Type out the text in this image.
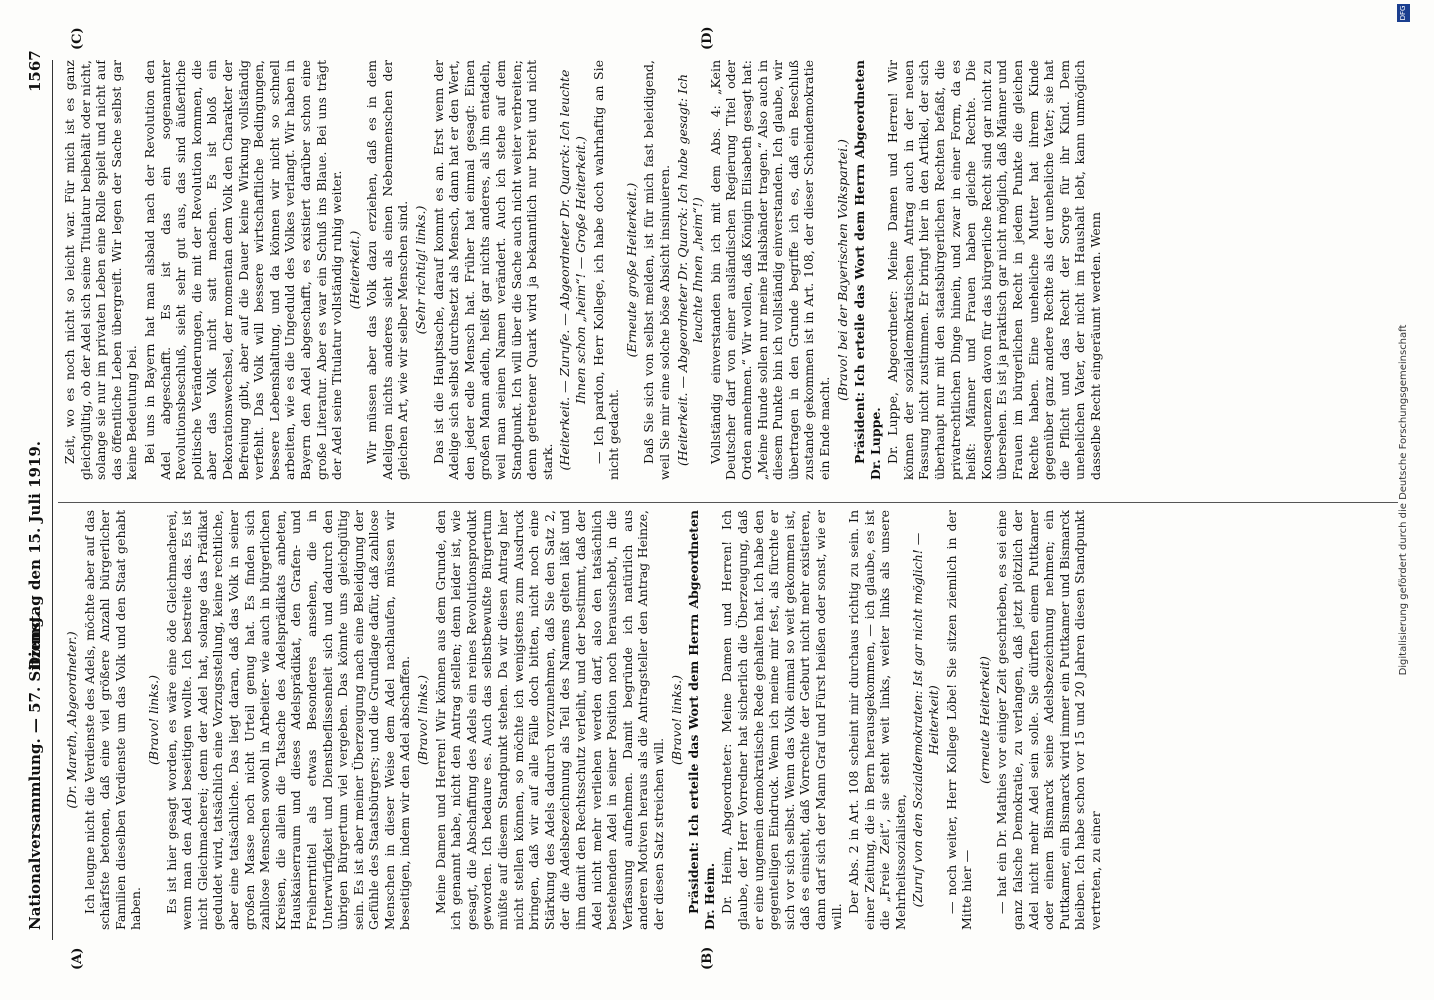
Nationalversammlung. — 57. Sitzung.
Dienstag den 15. Juli 1919.
1567
(A)	(B)
(C)	(D)

(Dr. Mareth, Abgeordneter.) Ich leugne nicht die Verdienste des Adels, möchte aber auf das schärfste betonen, daß eine viel größere Anzahl bürgerlicher Familien dieselben Verdienste um das Volk und den Staat gehabt haben.

(Bravo! links.) Es ist hier gesagt worden, es wäre eine öde Gleichmacherei, wenn man den Adel beseitigen wollte. Ich bestreite das. Es ist nicht Gleichmacherei; denn der Adel hat, solange das Prädikat geduldet wird, tatsächlich eine Vorzugsstellung, keine rechtliche, aber eine tatsächliche. Das liegt daran, daß das Volk in seiner großen Masse noch nicht Urteil genug hat. Es finden sich zahllose Menschen sowohl in Arbeiter- wie auch in bürgerlichen Kreisen, die allein die Tatsache des Adelsprädikats anbeten, Hauskaiserraum und dieses Adelsprädikat, den Grafen- und Freiherrntitel als etwas Besonderes ansehen, die in Unterwürfigkeit und Dienstbeflissenheit sich und dadurch den übrigen Bürgertum viel vergeben. Das könnte uns gleichgültig sein. Es ist aber meiner Überzeugung nach eine Beleidigung der Gefühle des Staatsbürgers; und die Grundlage dafür, daß zahllose Menschen in dieser Weise dem Adel nachlaufen, müssen wir beseitigen, indem wir den Adel abschaffen. (Bravo! links.) Meine Damen und Herren! Wir können aus dem Grunde, den ich genannt habe, nicht den Antrag stellen; denn leider ist, wie gesagt, die Abschaffung des Adels ein reines Revolutionsprodukt geworden. Ich bedaure es. Auch das selbstbewußte Bürgertum müßte auf diesem Standpunkt stehen. Da wir diesen Antrag hier nicht stellen können, so möchte ich wenigstens zum Ausdruck bringen, daß wir auf alle Fälle doch bitten, nicht noch eine Stärkung des Adels dadurch vorzunehmen, daß Sie den Satz 2, der die Adelsbezeichnung als Teil des Namens gelten läßt und ihm damit den Rechtsschutz verleiht, und der bestimmt, daß der Adel nicht mehr verliehen werden darf, also den tatsächlich bestehenden Adel in seiner Position noch herausschebt, in die Verfassung aufnehmen. Damit begründe ich natürlich aus anderen Motiven heraus als die Antragsteller den Antrag Heinze, der diesen Satz streichen will.

(Bravo! links.) Präsident: Ich erteile das Wort dem Herrn Abgeordneten Dr. Heim. Dr. Heim, Abgeordneter: Meine Damen und Herren! Ich glaube, der Herr Vorredner hat sicherlich die Überzeugung, daß er eine ungemein demokratische Rede gehalten hat. Ich habe den gegenteiligen Eindruck. Wenn ich meine mir fest, als fürchte er sich vor sich selbst. Wenn das Volk einmal so weit gekommen ist, daß es einsieht, daß Vorrechte der Geburt nicht mehr existieren, dann darf sich der Mann Graf und Fürst heißen oder sonst, wie er will.

Der Abs. 2 in Art. 108 scheint mir durchaus richtig zu sein. In einer Zeitung, die in Bern herausgekommen, — ich glaube, es ist die „Freie Zeit“, sie steht weit links, weiter links als unsere Mehrheitssozialisten, (Zuruf von den Sozialdemokraten: Ist gar nicht möglich! — Heiterkeit) — noch weiter, Herr Kollege Löbe! Sie sitzen ziemlich in der Mitte hier —

(erneute Heiterkeit) — hat ein Dr. Mathies vor einiger Zeit geschrieben, es sei eine ganz falsche Demokratie, zu verlangen, daß jetzt plötzlich der Adel nicht mehr Adel sein solle. Sie dürften einem Puttkamer oder einem Bismarck seine Adelsbezeichnung nehmen; ein Puttkamer, ein Bismarck wird immer ein Puttkamer und Bismarck bleiben. Ich habe schon vor 15 und 20 Jahren diesen Standpunkt vertreten, zu einer

Zeit, wo es noch nicht so leicht war. Für mich ist es ganz gleichgültig, ob der Adel sich seine Titulatur beibehält oder nicht, solange sie nur im privaten Leben eine Rolle spielt und nicht auf das öffentliche Leben übergreift. Wir legen der Sache selbst gar keine Bedeutung bei. Bei uns in Bayern hat man alsbald nach der Revolution den Adel abgeschafft. Es ist das ein sogenannter Revolutionsbeschluß, sieht sehr gut aus, das sind äußerliche politische Veränderungen, die mit der Revolution kommen, die aber das Volk nicht satt machen. Es ist bloß ein Dekorationswechsel, der momentan dem Volk den Charakter der Befreiung gibt, aber auf die Dauer keine Wirkung vollständig verfehlt. Das Volk will bessere wirtschaftliche Bedingungen, bessere Lebenshaltung, und da können wir nicht so schnell arbeiten, wie es die Ungeduld des Volkes verlangt. Wir haben in Bayern den Adel abgeschafft, es existiert darüber schon eine große Literatur. Aber es war ein Schuß ins Blaue. Bei uns trägt der Adel seine Titulatur vollständig ruhig weiter. (Heiterkeit.) Wir müssen aber das Volk dazu erziehen, daß es in dem Adeligen nichts anderes sieht als einen Nebenmenschen der gleichen Art, wie wir selber Menschen sind. (Sehr richtig! links.) Das ist die Hauptsache, darauf kommt es an. Erst wenn der Adelige sich selbst durchsetzt als Mensch, dann hat er den Wert, den jeder edle Mensch hat. Früher hat einmal gesagt: Einen großen Mann adeln, heißt gar nichts anderes, als ihn entadeln, weil man seinen Namen verändert. Auch ich stehe auf dem Standpunkt. Ich will über die Sache auch nicht weiter verbreiten; denn getretener Quark wird ja bekanntlich nur breit und nicht stark. (Heiterkeit. — Zurufe. — Abgeordneter Dr. Quarck: Ich leuchte Ihnen schon „heim“! — Große Heiterkeit.) — Ich pardon, Herr Kollege, ich habe doch wahrhaftig an Sie nicht gedacht.

(Erneute große Heiterkeit.) Daß Sie sich von selbst melden, ist für mich fast beleidigend, weil Sie mir eine solche böse Absicht insinuieren. (Heiterkeit. — Abgeordneter Dr. Quarck: Ich habe gesagt: Ich leuchte Ihnen „heim“!) Vollständig einverstanden bin ich mit dem Abs. 4: „Kein Deutscher darf von einer ausländischen Regierung Titel oder Orden annehmen.“ Wir wollen, daß Königin Elisabeth gesagt hat: „Meine Hunde sollen nur meine Halsbänder tragen.“ Also auch in diesem Punkte bin ich vollständig einverstanden. Ich glaube, wir übertragen in den Grunde begriffe ich es, daß ein Beschluß zustande gekommen ist in Art. 108, der dieser Scheindemokratie ein Ende macht.

(Bravo! bei der Bayerischen Volkspartei.) Präsident: Ich erteile das Wort dem Herrn Abgeordneten Dr. Luppe. Dr. Luppe, Abgeordneter: Meine Damen und Herren! Wir können der sozialdemokratischen Antrag auch in der neuen Fassung nicht zustimmen. Er bringt hier in den Artikel, der sich überhaupt nur mit den staatsbürgerlichen Rechten befaßt, die privatrechtlichen Dinge hinein, und zwar in einer Form, da es heißt: Männer und Frauen haben gleiche Rechte. Die Konsequenzen davon für das bürgerliche Recht sind gar nicht zu übersehen. Es ist ja praktisch gar nicht möglich, daß Männer und Frauen im bürgerlichen Recht in jedem Punkte die gleichen Rechte haben. Eine uneheliche Mutter hat ihrem Kinde gegenüber ganz andere Rechte als der uneheliche Vater; sie hat die Pflicht und das Recht der Sorge für ihr Kind. Dem unehelichen Vater, der nicht im Haushalt lebt, kann unmöglich dasselbe Recht eingeräumt werden. Wenn	Digitalisierung gefördert durch die Deutsche Forschungsgemeinschaft
DFG
